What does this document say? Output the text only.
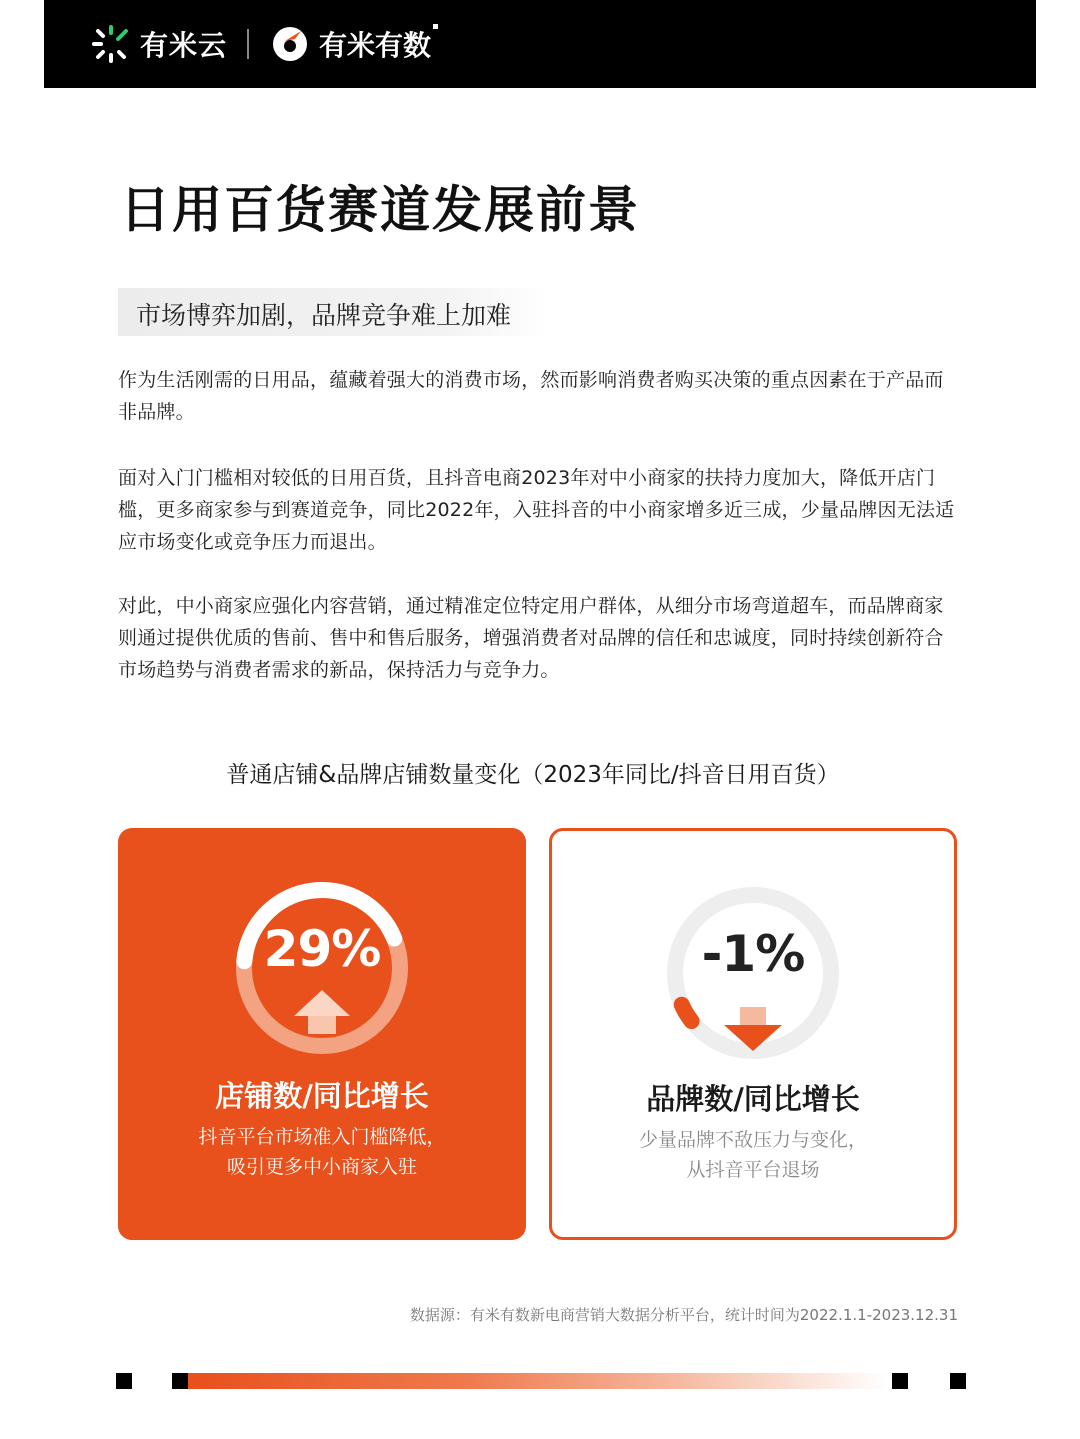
有米云	有米有数
日用百货赛道发展前景
市场博弈加剧，品牌竞争难上加难

作为生活刚需的日用品，蕴藏着强大的消费市场，然而影响消费者购买决策的重点因素在于产品而非品牌。

面对入门门槛相对较低的日用百货，且抖音电商2023年对中小商家的扶持力度加大，降低开店门槛，更多商家参与到赛道竞争，同比2022年，入驻抖音的中小商家增多近三成，少量品牌因无法适应市场变化或竞争压力而退出。

对此，中小商家应强化内容营销，通过精准定位特定用户群体，从细分市场弯道超车，而品牌商家则通过提供优质的售前、售中和售后服务，增强消费者对品牌的信任和忠诚度，同时持续创新符合市场趋势与消费者需求的新品，保持活力与竞争力。

普通店铺&品牌店铺数量变化（2023年同比/抖音日用百货）
29%
店铺数/同比增长
抖音平台市场准入门槛降低，
吸引更多中小商家入驻
-1%
品牌数/同比增长
少量品牌不敌压力与变化，
从抖音平台退场
数据源：有米有数新电商营销大数据分析平台，统计时间为2022.1.1-2023.12.31
